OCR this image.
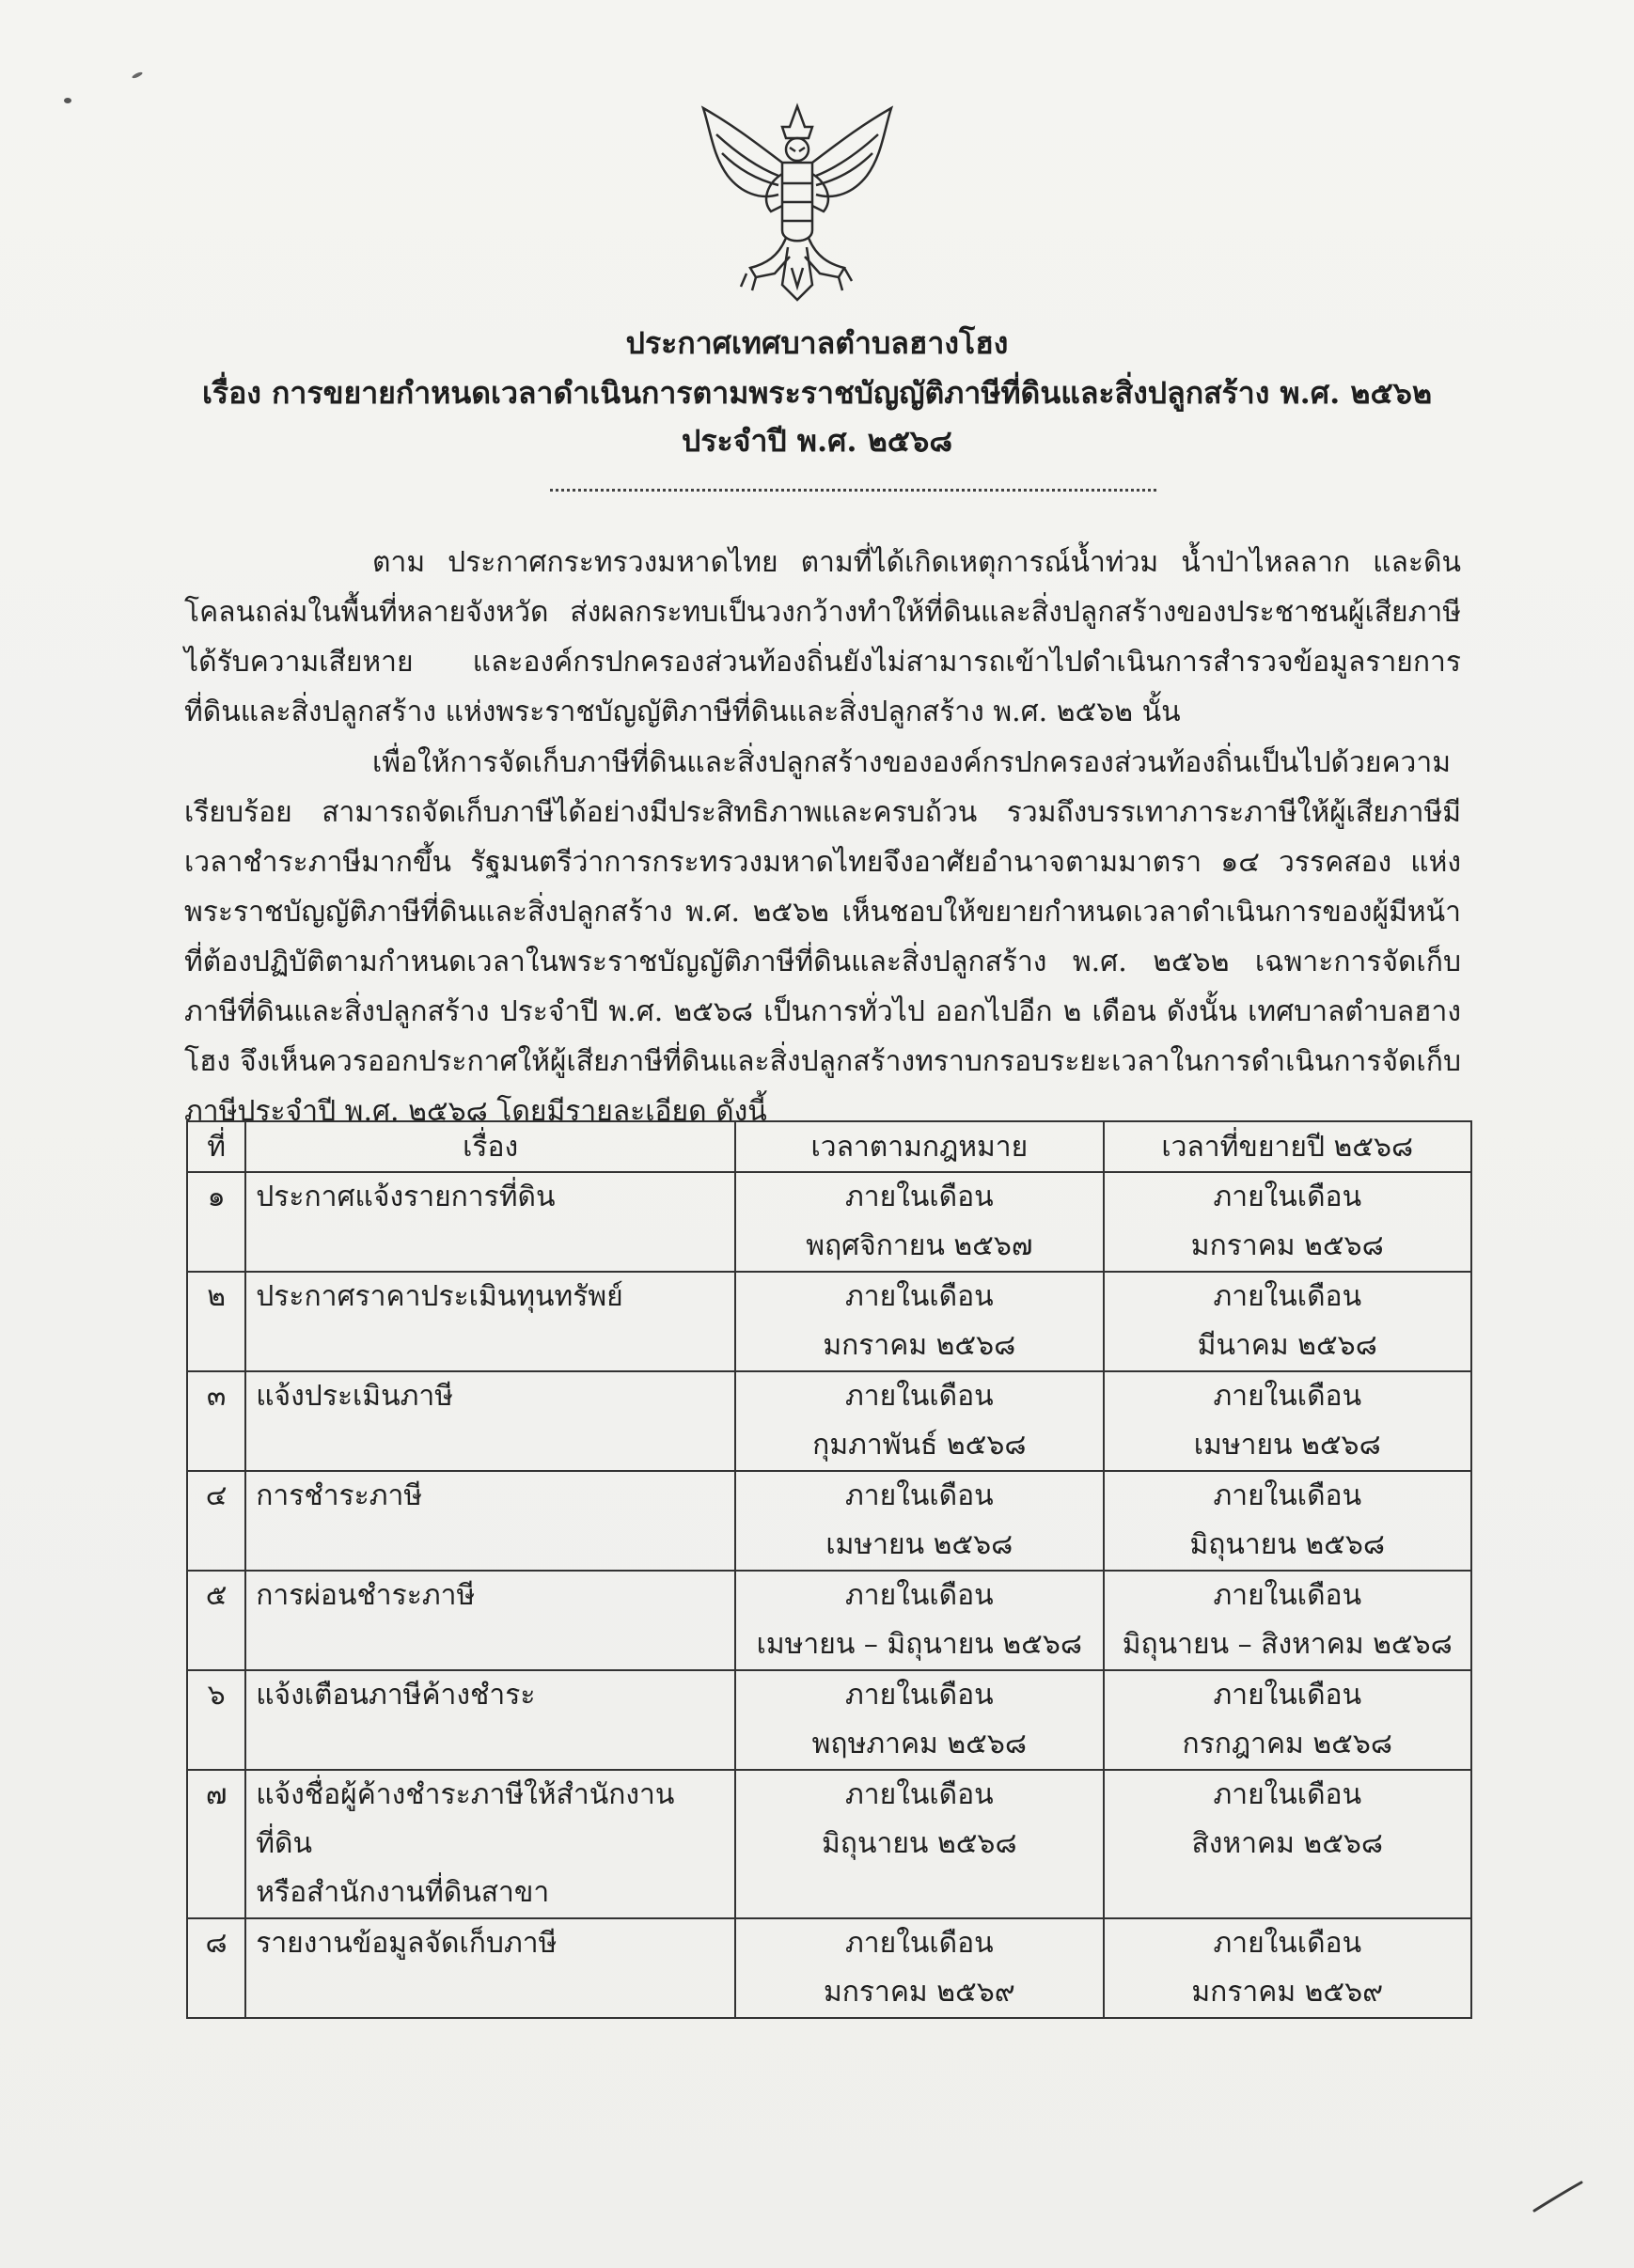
ประกาศเทศบาลตำบลฮางโฮง
เรื่อง การขยายกำหนดเวลาดำเนินการตามพระราชบัญญัติภาษีที่ดินและสิ่งปลูกสร้าง พ.ศ. ๒๕๖๒
ประจำปี พ.ศ. ๒๕๖๘

ตาม ประกาศกระทรวงมหาดไทย ตามที่ได้เกิดเหตุการณ์น้ำท่วม น้ำป่าไหลลาก และดินโคลนถล่มในพื้นที่หลายจังหวัด ส่งผลกระทบเป็นวงกว้างทำให้ที่ดินและสิ่งปลูกสร้างของประชาชนผู้เสียภาษีได้รับความเสียหาย และองค์กรปกครองส่วนท้องถิ่นยังไม่สามารถเข้าไปดำเนินการสำรวจข้อมูลรายการที่ดินและสิ่งปลูกสร้าง แห่งพระราชบัญญัติภาษีที่ดินและสิ่งปลูกสร้าง พ.ศ. ๒๕๖๒ นั้น

เพื่อให้การจัดเก็บภาษีที่ดินและสิ่งปลูกสร้างขององค์กรปกครองส่วนท้องถิ่นเป็นไปด้วยความเรียบร้อย สามารถจัดเก็บภาษีได้อย่างมีประสิทธิภาพและครบถ้วน รวมถึงบรรเทาภาระภาษีให้ผู้เสียภาษีมีเวลาชำระภาษีมากขึ้น รัฐมนตรีว่าการกระทรวงมหาดไทยจึงอาศัยอำนาจตามมาตรา ๑๔ วรรคสอง แห่งพระราชบัญญัติภาษีที่ดินและสิ่งปลูกสร้าง พ.ศ. ๒๕๖๒ เห็นชอบให้ขยายกำหนดเวลาดำเนินการของผู้มีหน้าที่ต้องปฏิบัติตามกำหนดเวลาในพระราชบัญญัติภาษีที่ดินและสิ่งปลูกสร้าง พ.ศ. ๒๕๖๒ เฉพาะการจัดเก็บภาษีที่ดินและสิ่งปลูกสร้าง ประจำปี พ.ศ. ๒๕๖๘ เป็นการทั่วไป ออกไปอีก ๒ เดือน ดังนั้น เทศบาลตำบลฮางโฮง จึงเห็นควรออกประกาศให้ผู้เสียภาษีที่ดินและสิ่งปลูกสร้างทราบกรอบระยะเวลาในการดำเนินการจัดเก็บภาษีประจำปี พ.ศ. ๒๕๖๘ โดยมีรายละเอียด ดังนี้

ที่	เรื่อง	เวลาตามกฎหมาย	เวลาที่ขยายปี ๒๕๖๘
๑	ประกาศแจ้งรายการที่ดิน	ภายในเดือน
พฤศจิกายน ๒๕๖๗	ภายในเดือน
มกราคม ๒๕๖๘

๒	ประกาศราคาประเมินทุนทรัพย์	ภายในเดือน
มกราคม ๒๕๖๘	ภายในเดือน
มีนาคม ๒๕๖๘

๓	แจ้งประเมินภาษี	ภายในเดือน
กุมภาพันธ์ ๒๕๖๘	ภายในเดือน
เมษายน ๒๕๖๘

๔	การชำระภาษี	ภายในเดือน
เมษายน ๒๕๖๘	ภายในเดือน
มิถุนายน ๒๕๖๘

๕	การผ่อนชำระภาษี	ภายในเดือน
เมษายน – มิถุนายน ๒๕๖๘	ภายในเดือน
มิถุนายน – สิงหาคม ๒๕๖๘

๖	แจ้งเตือนภาษีค้างชำระ	ภายในเดือน
พฤษภาคม ๒๕๖๘	ภายในเดือน
กรกฎาคม ๒๕๖๘

๗	แจ้งชื่อผู้ค้างชำระภาษีให้สำนักงานที่ดิน
หรือสำนักงานที่ดินสาขา	ภายในเดือน
มิถุนายน ๒๕๖๘	ภายในเดือน
สิงหาคม ๒๕๖๘

๘	รายงานข้อมูลจัดเก็บภาษี	ภายในเดือน
มกราคม ๒๕๖๙	ภายในเดือน
มกราคม ๒๕๖๙
